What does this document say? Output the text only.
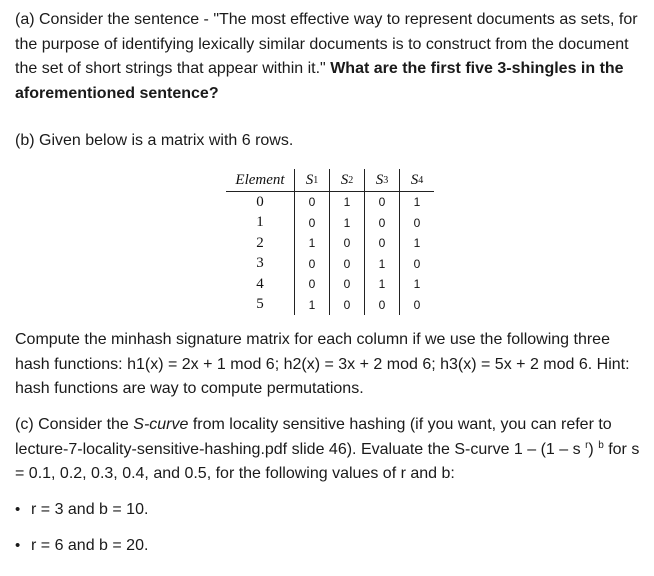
(a) Consider the sentence - "The most effective way to represent documents as sets, for the purpose of identifying lexically similar documents is to construct from the document the set of short strings that appear within it." What are the first five 3-shingles in the aforementioned sentence?

(b) Given below is a matrix with 6 rows.

Element	S 1 S 2 S 3 S 4
0	0	1	0	1
1	0	1	0	0
2	1	0	0	1
3	0	0	1	0
4	0	0	1	1
5	1	0	0	0

Compute the minhash signature matrix for each column if we use the following three hash functions: h1(x) = 2x + 1 mod 6; h2(x) = 3x + 2 mod 6; h3(x) = 5x + 2 mod 6. Hint: hash functions are way to compute permutations.

(c) Consider the S-curve from locality sensitive hashing (if you want, you can refer to lecture-7-locality-sensitive-hashing.pdf slide 46). Evaluate the S-curve 1 – (1 – s $^r$) $^b$ for s = 0.1, 0.2, 0.3, 0.4, and 0.5, for the following values of r and b:

• r = 3 and b = 10.
• r = 6 and b = 20.
